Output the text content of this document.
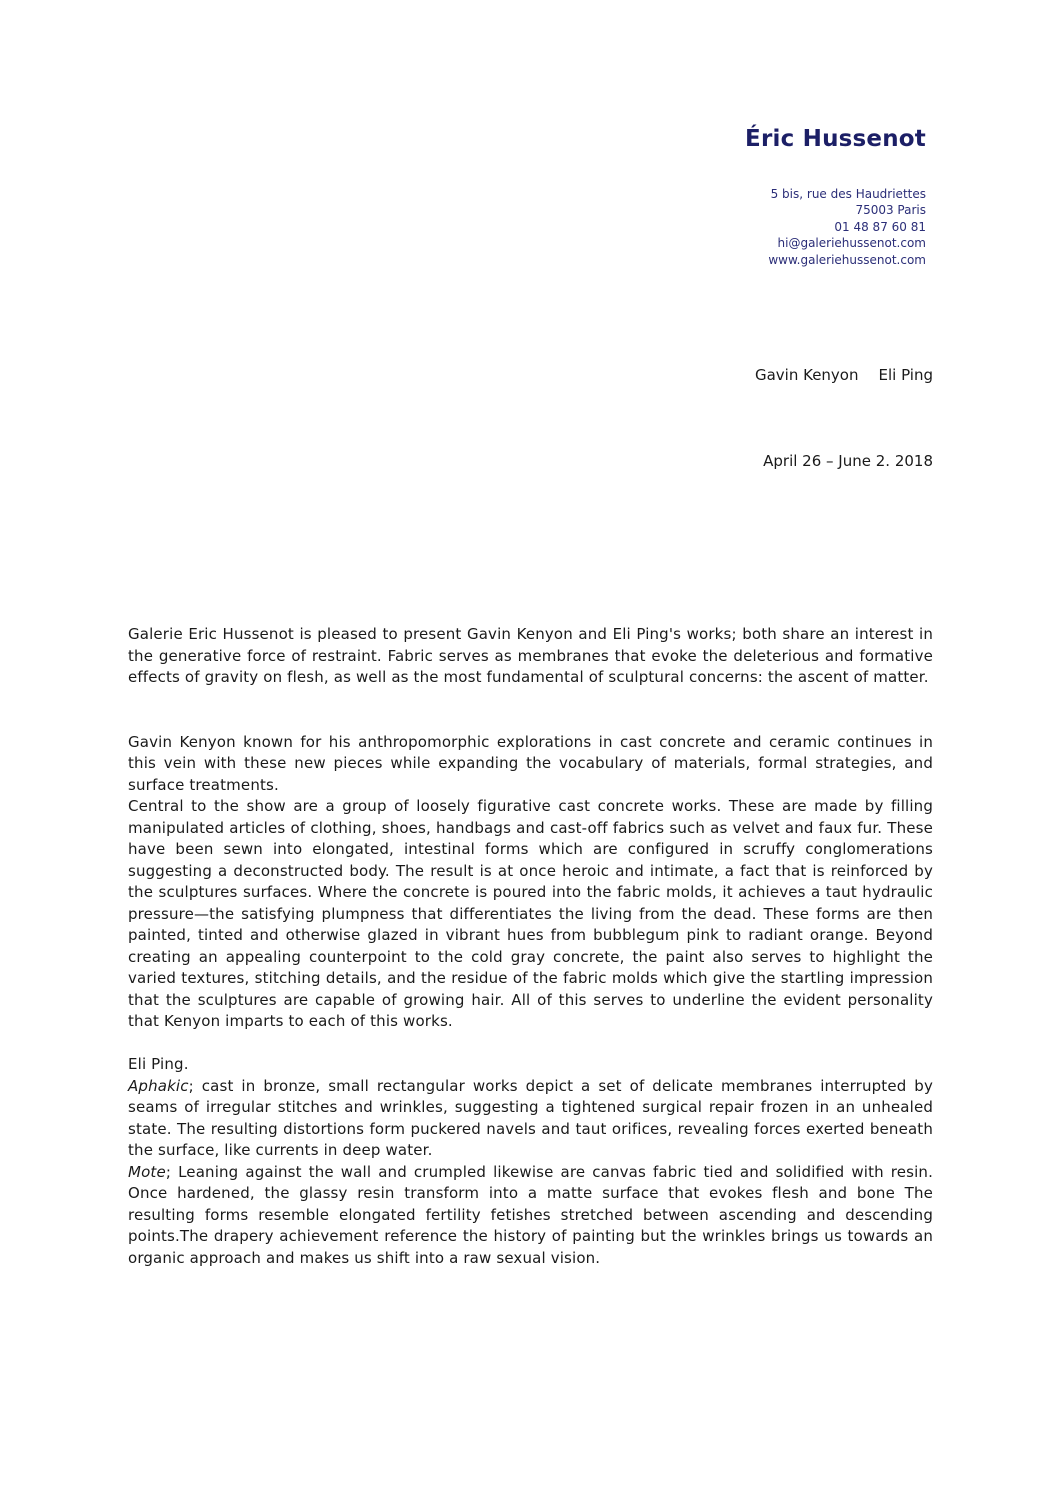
Éric Hussenot
5 bis, rue des Haudriettes
75003 Paris
01 48 87 60 81
hi@galeriehussenot.com
www.galeriehussenot.com
Gavin Kenyon Eli Ping
April 26 – June 2. 2018

Galerie Eric Hussenot is pleased to present Gavin Kenyon and Eli Ping's works; both share an interest in the generative force of restraint. Fabric serves as membranes that evoke the deleterious and formative effects of gravity on flesh, as well as the most fundamental of sculptural concerns: the ascent of matter.

Gavin Kenyon known for his anthropomorphic explorations in cast concrete and ceramic continues in this vein with these new pieces while expanding the vocabulary of materials, formal strategies, and surface treatments.

Central to the show are a group of loosely figurative cast concrete works. These are made by filling manipulated articles of clothing, shoes, handbags and cast-off fabrics such as velvet and faux fur. These have been sewn into elongated, intestinal forms which are configured in scruffy conglomerations suggesting a deconstructed body. The result is at once heroic and intimate, a fact that is reinforced by the sculptures surfaces. Where the concrete is poured into the fabric molds, it achieves a taut hydraulic pressure—the satisfying plumpness that differentiates the living from the dead. These forms are then painted, tinted and otherwise glazed in vibrant hues from bubblegum pink to radiant orange. Beyond creating an appealing counterpoint to the cold gray concrete, the paint also serves to highlight the varied textures, stitching details, and the residue of the fabric molds which give the startling impression that the sculptures are capable of growing hair. All of this serves to underline the evident personality that Kenyon imparts to each of this works.

Eli Ping.

Aphakic; cast in bronze, small rectangular works depict a set of delicate membranes interrupted by seams of irregular stitches and wrinkles, suggesting a tightened surgical repair frozen in an unhealed state. The resulting distortions form puckered navels and taut orifices, revealing forces exerted beneath the surface, like currents in deep water.

Mote; Leaning against the wall and crumpled likewise are canvas fabric tied and solidified with resin. Once hardened, the glassy resin transform into a matte surface that evokes flesh and bone The resulting forms resemble elongated fertility fetishes stretched between ascending and descending points.The drapery achievement reference the history of painting but the wrinkles brings us towards an organic approach and makes us shift into a raw sexual vision.
